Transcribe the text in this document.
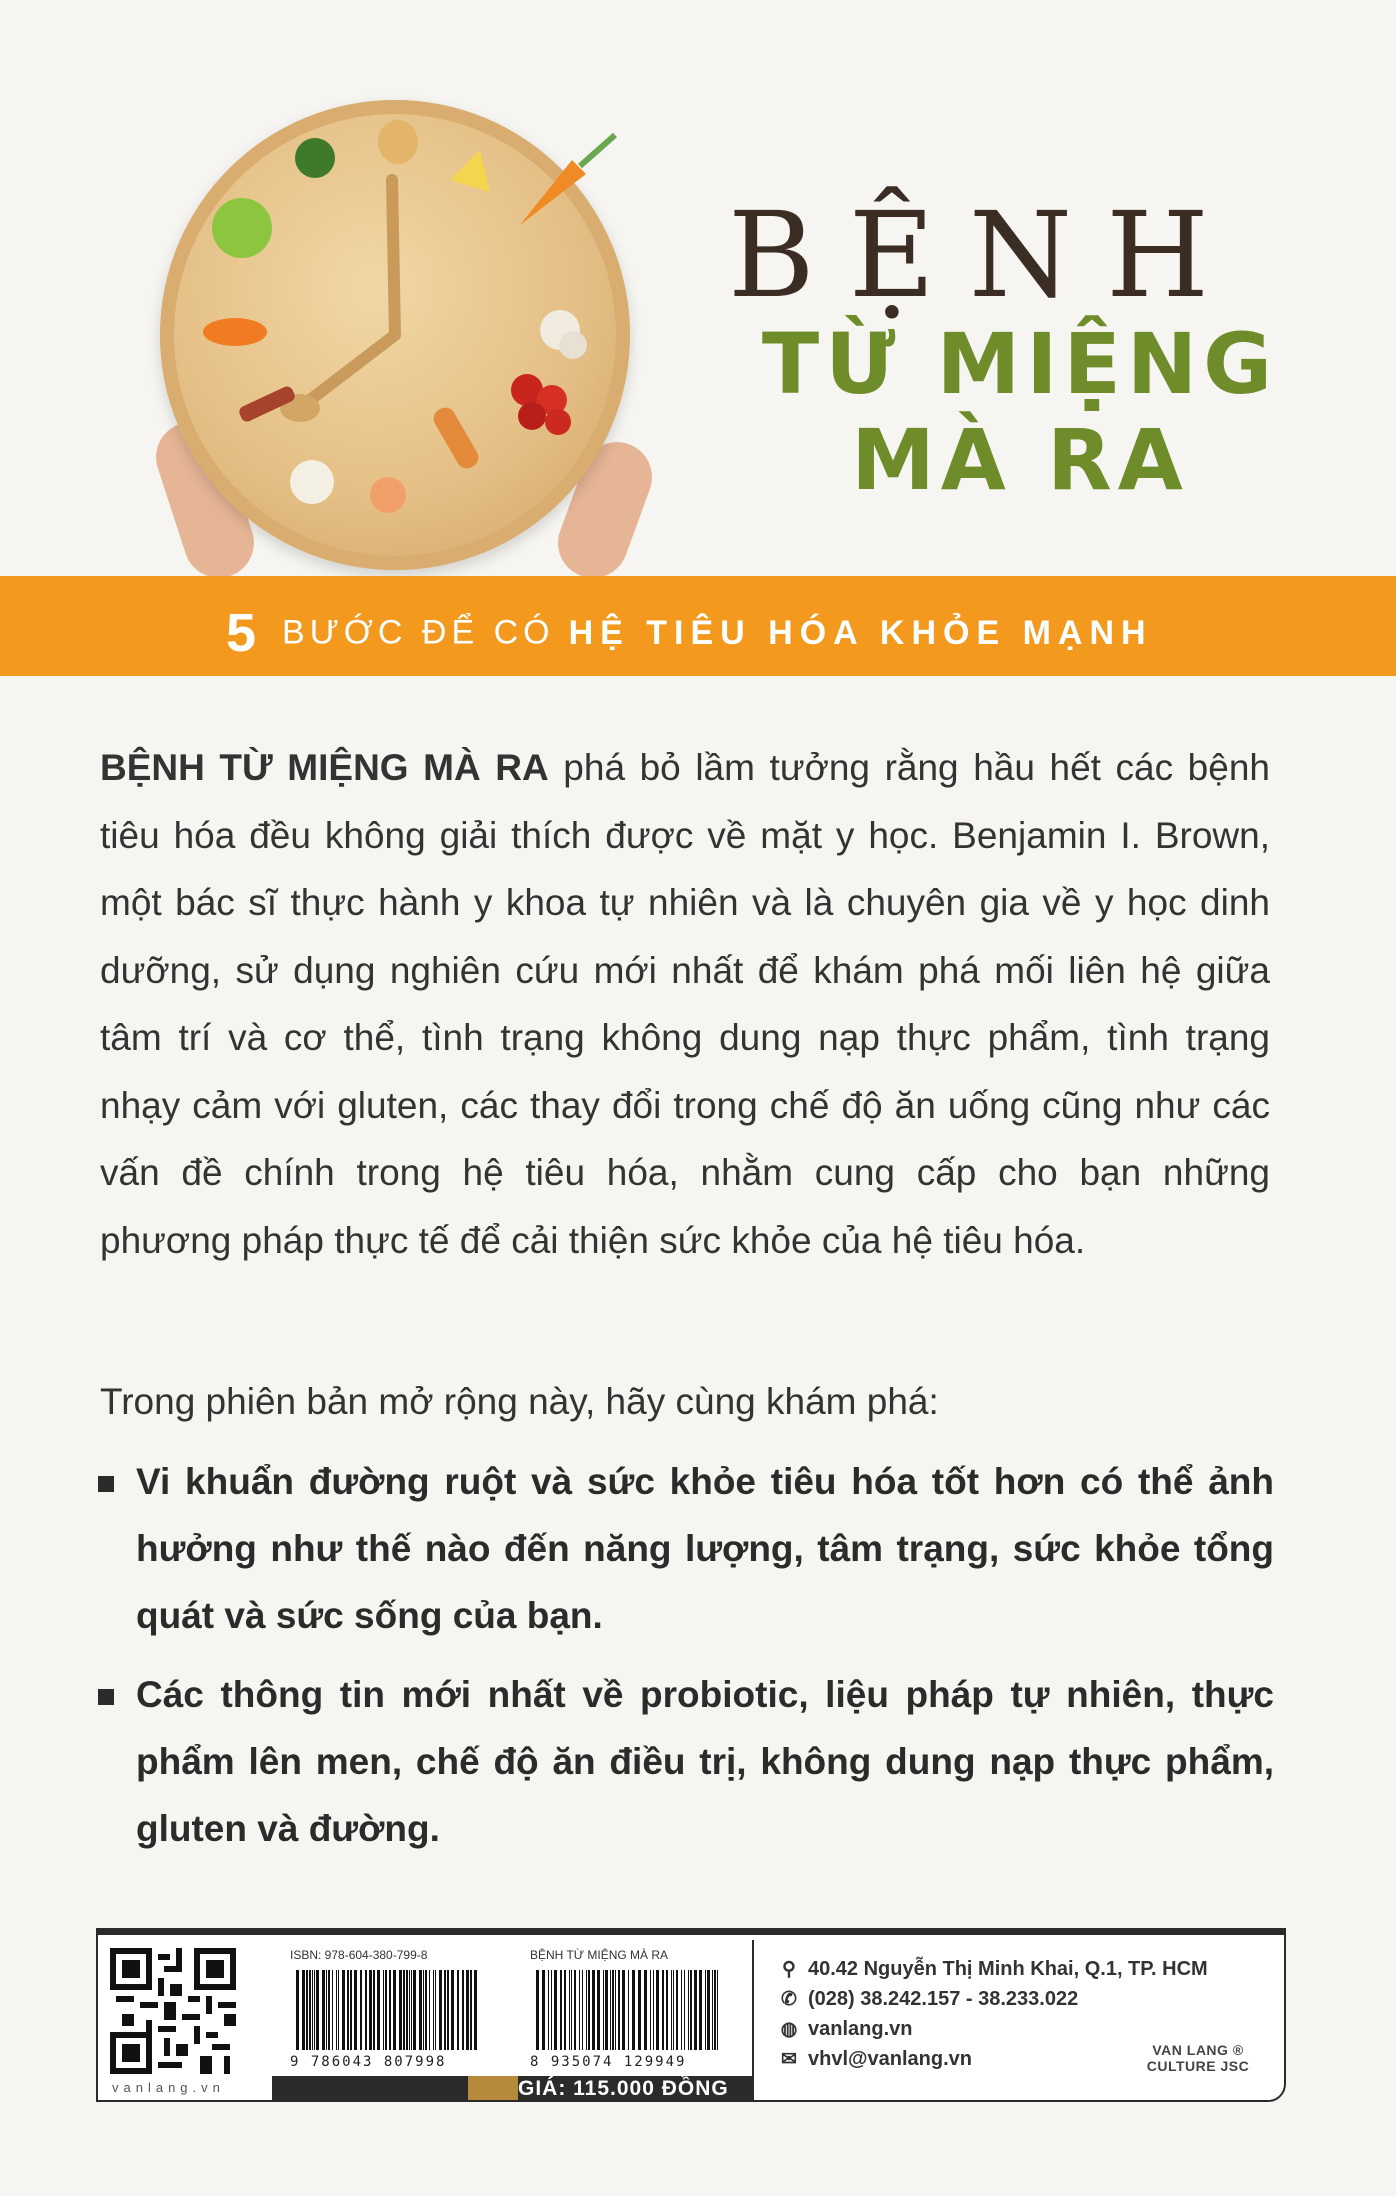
BỆNH
TỪ MIỆNG
MÀ RA
5 BƯỚC ĐỂ CÓ HỆ TIÊU HÓA KHỎE MẠNH
BỆNH TỪ MIỆNG MÀ RA phá bỏ lầm tưởng rằng hầu hết các bệnh tiêu hóa đều không giải thích được về mặt y học. Benjamin I. Brown, một bác sĩ thực hành y khoa tự nhiên và là chuyên gia về y học dinh dưỡng, sử dụng nghiên cứu mới nhất để khám phá mối liên hệ giữa tâm trí và cơ thể, tình trạng không dung nạp thực phẩm, tình trạng nhạy cảm với gluten, các thay đổi trong chế độ ăn uống cũng như các vấn đề chính trong hệ tiêu hóa, nhằm cung cấp cho bạn những phương pháp thực tế để cải thiện sức khỏe của hệ tiêu hóa.
Trong phiên bản mở rộng này, hãy cùng khám phá:
Vi khuẩn đường ruột và sức khỏe tiêu hóa tốt hơn có thể ảnh hưởng như thế nào đến năng lượng, tâm trạng, sức khỏe tổng quát và sức sống của bạn.
Các thông tin mới nhất về probiotic, liệu pháp tự nhiên, thực phẩm lên men, chế độ ăn điều trị, không dung nạp thực phẩm, gluten và đường.
vanlang.vn
ISBN: 978-604-380-799-8
9 786043 807998
BỆNH TỪ MIỆNG MÀ RA
8 935074 129949
GIÁ: 115.000 ĐỒNG
⚲ 40.42 Nguyễn Thị Minh Khai, Q.1, TP. HCM
✆ (028) 38.242.157 - 38.233.022
◍ vanlang.vn
✉ vhvl@vanlang.vn	VAN LANG ®
CULTURE JSC
